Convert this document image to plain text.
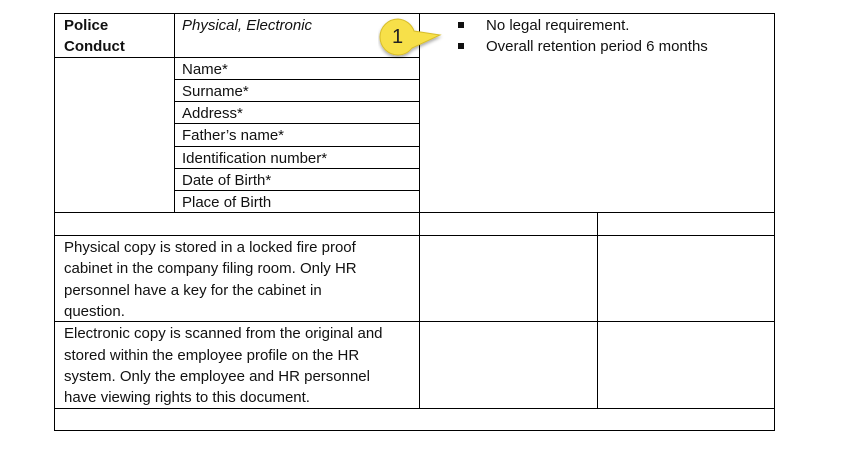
Police
Conduct
Physical, Electronic
Name*
Surname*
Address*
Father’s name*
Identification number*
Date of Birth*
Place of Birth
No legal requirement.
Overall retention period 6 months
Physical copy is stored in a locked fire proof
cabinet in the company filing room. Only HR
personnel have a key for the cabinet in
question.
Electronic copy is scanned from the original and
stored within the employee profile on the HR
system. Only the employee and HR personnel
have viewing rights to this document.
1
